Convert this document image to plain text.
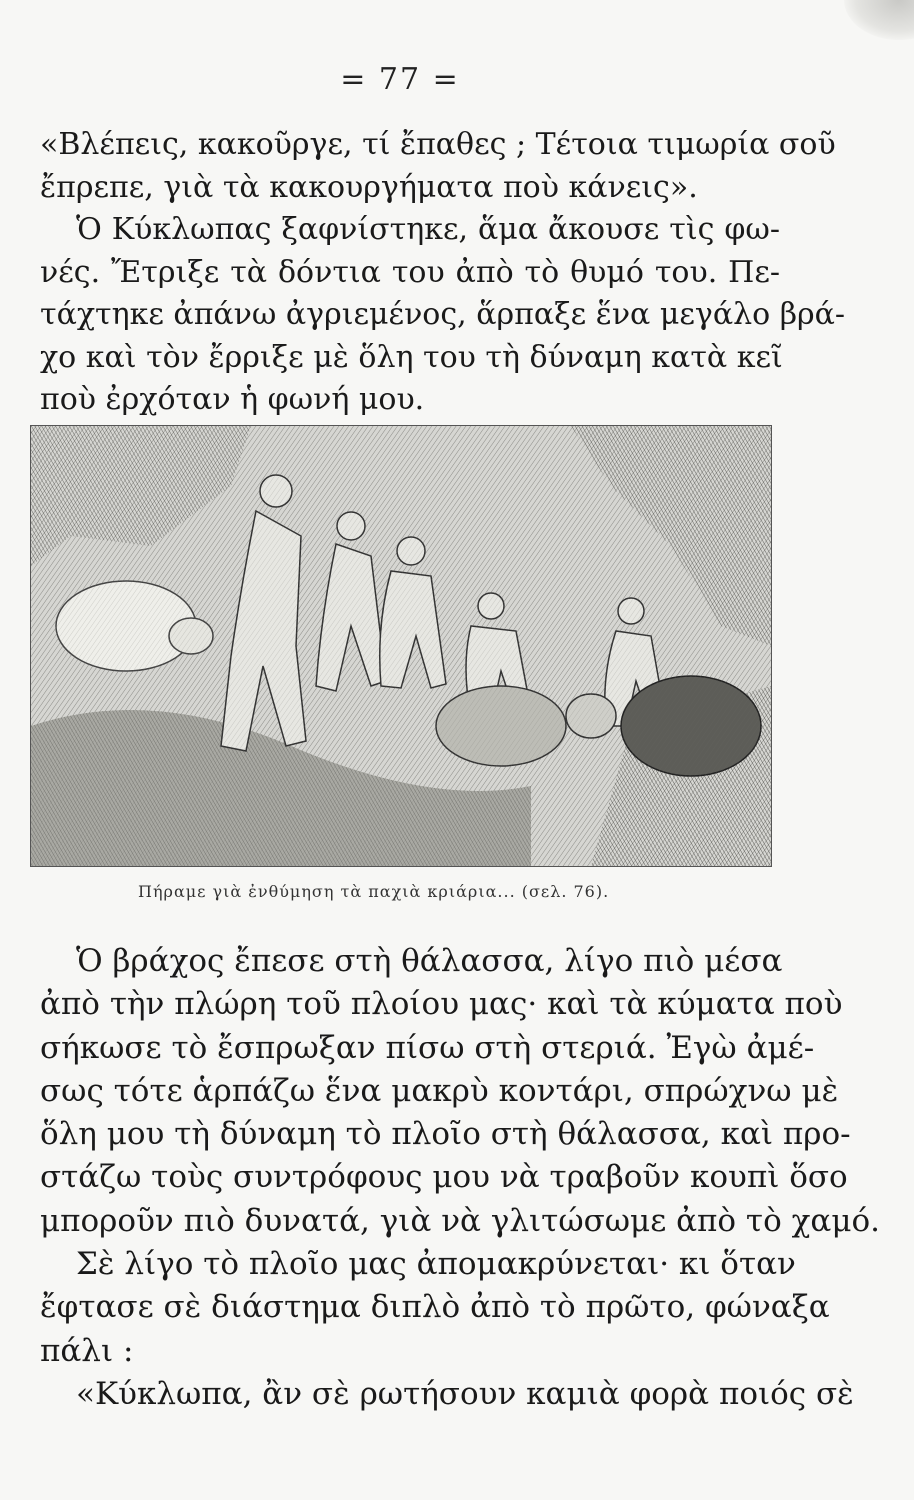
= 77 =
«Βλέπεις, κακοῦργε, τί ἔπαθες ; Τέτοια τιμωρία σοῦ
ἔπρεπε, γιὰ τὰ κακουργήματα ποὺ κάνεις».
Ὁ Κύκλωπας ξαφνίστηκε, ἅμα ἄκουσε τὶς φω-
νές. Ἔτριξε τὰ δόντια του ἀπὸ τὸ θυμό του. Πε-
τάχτηκε ἀπάνω ἀγριεμένος, ἅρπαξε ἕνα μεγάλο βρά-
χο καὶ τὸν ἔρριξε μὲ ὅλη του τὴ δύναμη κατὰ κεῖ
ποὺ ἐρχόταν ἡ φωνή μου.
Πήραμε γιὰ ἐνθύμηση τὰ παχιὰ κριάρια... (σελ. 76).
Ὁ βράχος ἔπεσε στὴ θάλασσα, λίγο πιὸ μέσα
ἀπὸ τὴν πλώρη τοῦ πλοίου μας· καὶ τὰ κύματα ποὺ
σήκωσε τὸ ἔσπρωξαν πίσω στὴ στεριά. Ἐγὼ ἀμέ-
σως τότε ἁρπάζω ἕνα μακρὺ κοντάρι, σπρώχνω μὲ
ὅλη μου τὴ δύναμη τὸ πλοῖο στὴ θάλασσα, καὶ προ-
στάζω τοὺς συντρόφους μου νὰ τραβοῦν κουπὶ ὅσο
μποροῦν πιὸ δυνατά, γιὰ νὰ γλιτώσωμε ἀπὸ τὸ χαμό.
Σὲ λίγο τὸ πλοῖο μας ἀπομακρύνεται· κι ὅταν
ἔφτασε σὲ διάστημα διπλὸ ἀπὸ τὸ πρῶτο, φώναξα
πάλι :
«Κύκλωπα, ἂν σὲ ρωτήσουν καμιὰ φορὰ ποιός σὲ
